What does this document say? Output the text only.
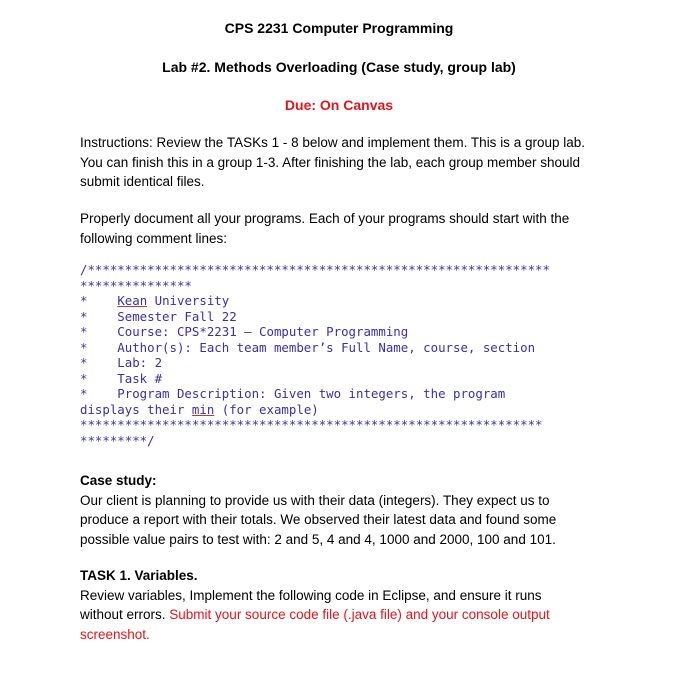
CPS 2231 Computer Programming
Lab #2. Methods Overloading (Case study, group lab)
Due: On Canvas
Instructions: Review the TASKs 1 - 8 below and implement them. This is a group lab.
You can finish this in a group 1-3. After finishing the lab, each group member should
submit identical files.
Properly document all your programs. Each of your programs should start with the
following comment lines:
/**************************************************************
***************
*    Kean University
*    Semester Fall 22
*    Course: CPS*2231 – Computer Programming
*    Author(s): Each team member’s Full Name, course, section
*    Lab: 2
*    Task #
*    Program Description: Given two integers, the program
displays their min (for example)
**************************************************************
*********/
Case study:
Our client is planning to provide us with their data (integers). They expect us to
produce a report with their totals. We observed their latest data and found some
possible value pairs to test with: 2 and 5, 4 and 4, 1000 and 2000, 100 and 101.
TASK 1. Variables.
Review variables, Implement the following code in Eclipse, and ensure it runs
without errors. Submit your source code file (.java file) and your console output
screenshot.
